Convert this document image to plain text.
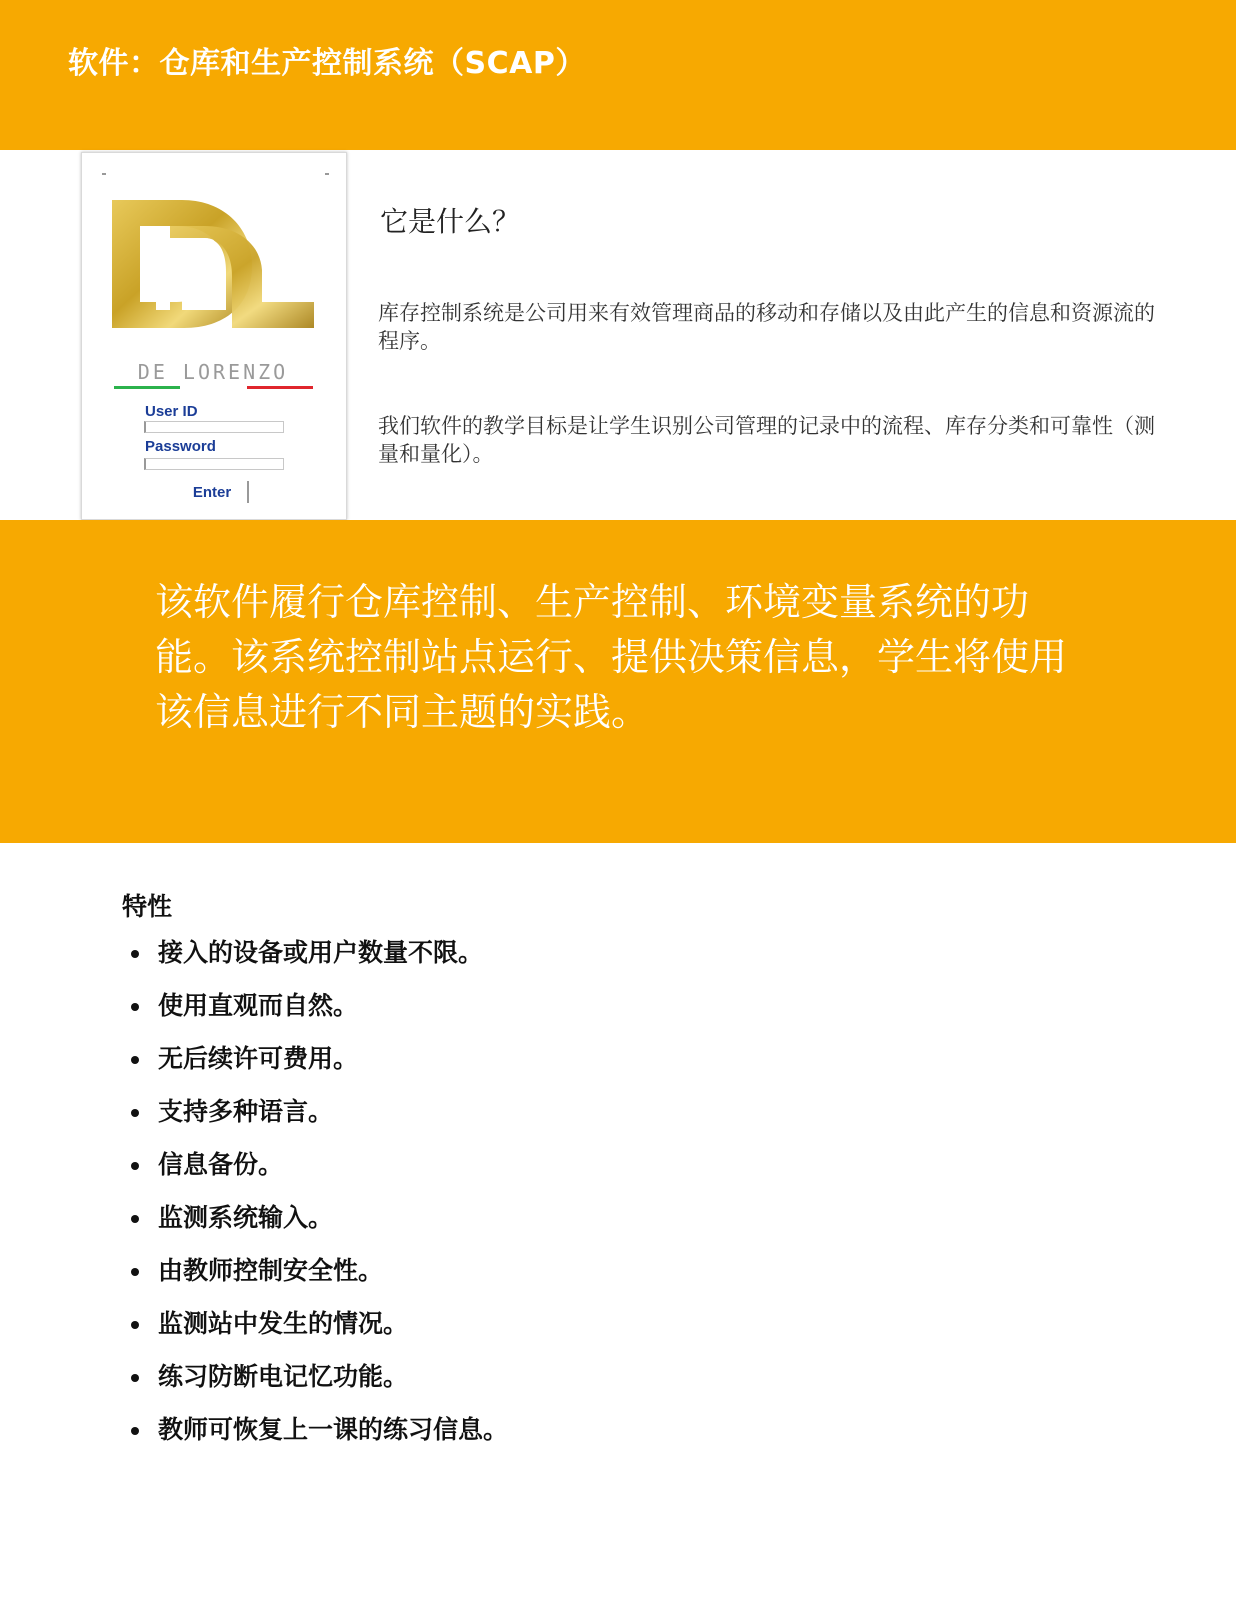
软件：仓库和生产控制系统（SCAP）
DE LORENZO
User ID
Password
Enter
它是什么？
库存控制系统是公司用来有效管理商品的移动和存储以及由此产生的信息和资源流的程序。
我们软件的教学目标是让学生识别公司管理的记录中的流程、库存分类和可靠性（测量和量化）。
该软件履行仓库控制、生产控制、环境变量系统的功能。该系统控制站点运行、提供决策信息，学生将使用该信息进行不同主题的实践。
特性
接入的设备或用户数量不限。
使用直观而自然。
无后续许可费用。
支持多种语言。
信息备份。
监测系统输入。
由教师控制安全性。
监测站中发生的情况。
练习防断电记忆功能。
教师可恢复上一课的练习信息。
